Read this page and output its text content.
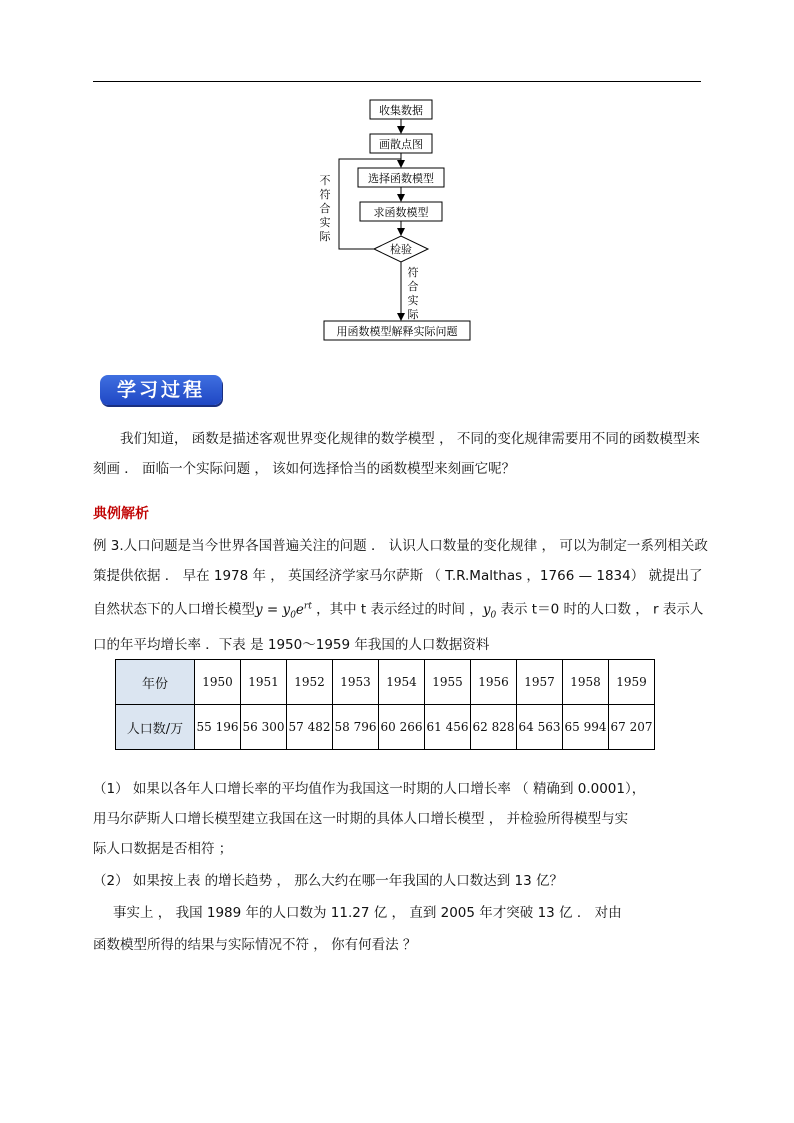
收集数据
画散点图
选择函数模型
求函数模型
检验
不
符
合
实
际
符
合
实
际
用函数模型解释实际问题
学习过程

我们知道， 函数是描述客观世界变化规律的数学模型 ， 不同的变化规律需要用不同的函数模型来刻画 ． 面临一个实际问题 ， 该如何选择恰当的函数模型来刻画它呢？

典例解析

例 3.人口问题是当今世界各国普遍关注的问题 ． 认识人口数量的变化规律 ， 可以为制定一系列相关政策提供依据 ． 早在 1978 年 ， 英国经济学家马尔萨斯 （ T.R.Malthas ，1766 — 1834） 就提出了自然状态下的人口增长模型$y = y_0e^{rt}$ ，其中 t 表示经过的时间 ，$y_0$ 表示 t＝0 时的人口数 ， r 表示人口的年平均增长率 ．下表 是 1950～1959 年我国的人口数据资料

年份	1950	1951	1952	1953	1954	1955	1956	1957	1958	1959
人口数/万	55 196	56 300	57 482	58 796	60 266	61 456	62 828	64 563	65 994	67 207

（1） 如果以各年人口增长率的平均值作为我国这一时期的人口增长率 （ 精确到 0.0001），

用马尔萨斯人口增长模型建立我国在这一时期的具体人口增长模型 ， 并检验所得模型与实

际人口数据是否相符 ；

（2） 如果按上表 的增长趋势 ， 那么大约在哪一年我国的人口数达到 13 亿？

事实上 ， 我国 1989 年的人口数为 11.27 亿 ， 直到 2005 年才突破 13 亿 ． 对由

函数模型所得的结果与实际情况不符 ， 你有何看法 ？
